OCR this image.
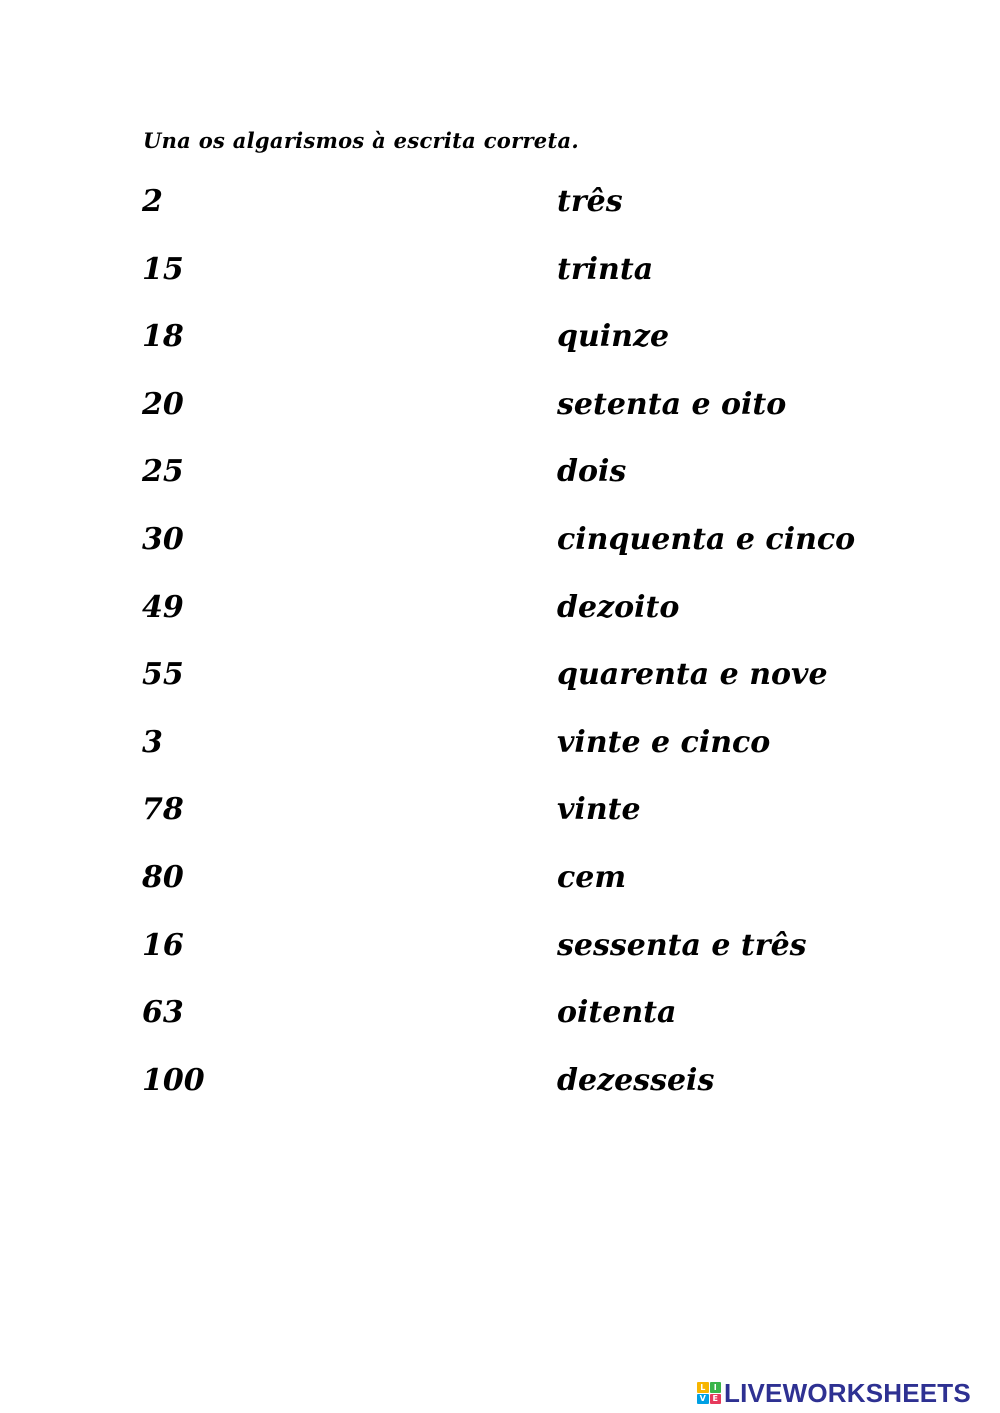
Una os algarismos à escrita correta.
2	três
15	trinta
18	quinze
20	setenta e oito
25	dois
30	cinquenta e cinco
49	dezoito
55	quarenta e nove
3	vinte e cinco
78	vinte
80	cem
16	sessenta e três
63	oitenta
100	dezesseis
L	I
V E LIVEWORKSHEETS
